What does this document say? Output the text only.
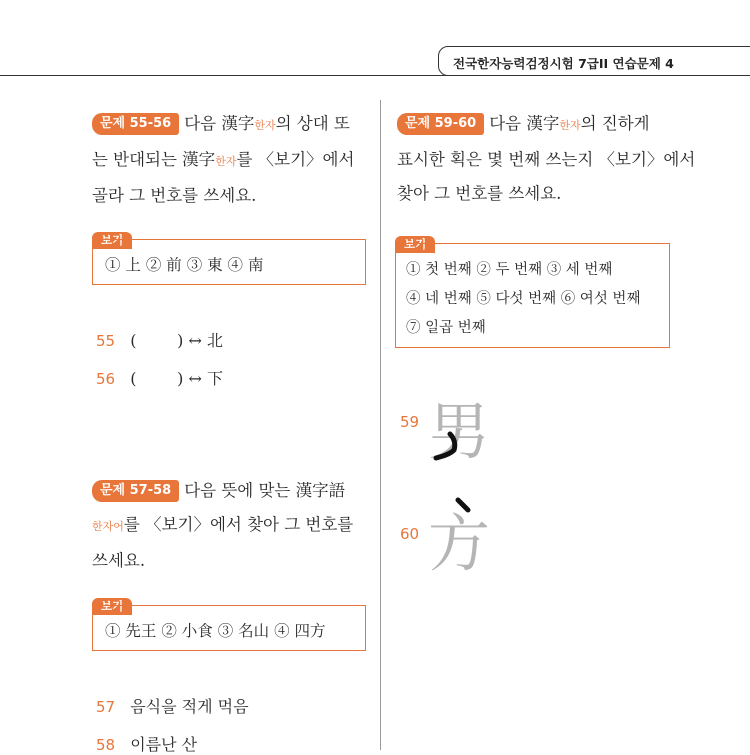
전국한자능력검정시험 7급II 연습문제 4
문제 55-56 다음 漢字한자의 상대 또
는 반대되는 漢字한자를 〈보기〉에서
골라 그 번호를 쓰세요.
보기
① 上 ② 前 ③ 東 ④ 南
55 (        ) ↔ 北
56 (        ) ↔ 下
문제 57-58 다음 뜻에 맞는 漢字語
한자어를 〈보기〉에서 찾아 그 번호를
쓰세요.
보기
① 先王 ② 小食 ③ 名山 ④ 四方
57 음식을 적게 먹음
58 이름난 산
문제 59-60 다음 漢字한자의 진하게
표시한 획은 몇 번째 쓰는지 〈보기〉에서
찾아 그 번호를 쓰세요.
보기
① 첫 번째 ② 두 번째 ③ 세 번째
④ 네 번째 ⑤ 다섯 번째 ⑥ 여섯 번째
⑦ 일곱 번째
59 男
60 方
